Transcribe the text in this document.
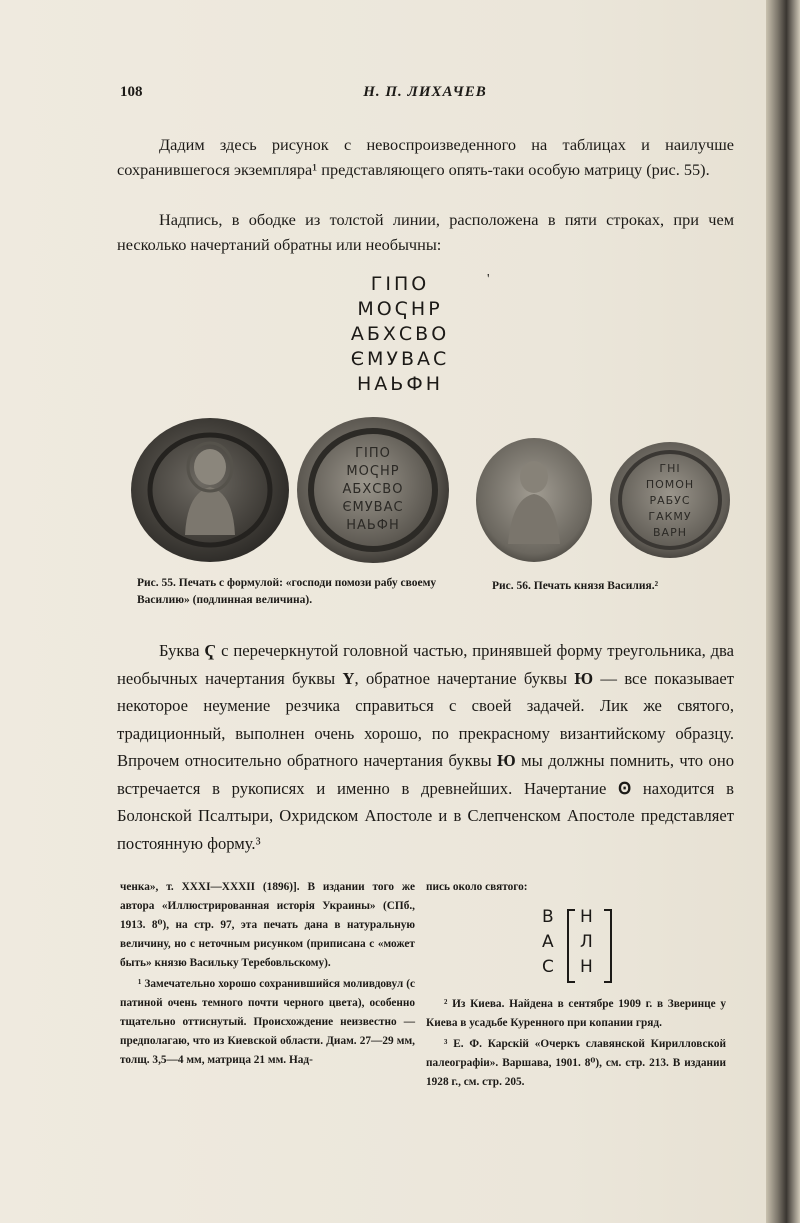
108	Н. П. ЛИХАЧЕВ
Дадим здесь рисунок с невоспроизведенного на таблицах и наилучше сохранившегося экземпляра¹ представляющего опять-таки особую матрицу (рис. 55).
Надпись, в ободке из толстой линии, расположена в пяти строках, при чем несколько начертаний обратны или необычны:
ГІПО
МОҀНР
АБХСВО
ЄМУВАС
НАЬФН
'
ГІПО
МОҀНР
АБХСВО
ЄМУВАС
НАЬФН
ГНІ
ПОМОН
РАБУС
ГАКМУ
ВАРН
Рис. 55. Печать с формулой: «господи помози рабу своему Василию» (подлинная величина).
Рис. 56. Печать князя Василия.²
Буква Ҁ с перечеркнутой головной частью, принявшей форму треугольника, два необычных начертания буквы Ү, обратное начертание буквы Ю — все показывает некоторое неумение резчика справиться с своей задачей. Лик же святого, традиционный, выполнен очень хорошо, по прекрасному византийскому образцу. Впрочем относительно обратного начертания буквы Ю мы должны помнить, что оно встречается в рукописях и именно в древнейших. Начертание Ꙩ находится в Болонской Псалтыри, Охридском Апостоле и в Слепченском Апостоле представляет постоянную форму.³
ченка», т. XXXI—XXXII (1896)]. В издании того же автора «Иллюстрированная исторія Украины» (СПб., 1913. 8⁰), на стр. 97, эта печать дана в натуральную величину, но с неточным рисунком (приписана с «может быть» князю Васильку Теребовльскому).
¹ Замечательно хорошо сохранившийся моливдовул (с патиной очень темного почти черного цвета), особенно тщательно оттиснутый. Происхождение неизвестно — предполагаю, что из Киевской области. Диам. 27—29 мм, толщ. 3,5—4 мм, матрица 21 мм. Над-
пись около святого:
В
А
С
Н
Л
Н
² Из Киева. Найдена в сентябре 1909 г. в Зверинце у Киева в усадьбе Куренного при копании гряд.
³ Е. Ф. Карскій «Очеркъ славянской Кирилловской палеографіи». Варшава, 1901. 8⁰), см. стр. 213. В издании 1928 г., см. стр. 205.
